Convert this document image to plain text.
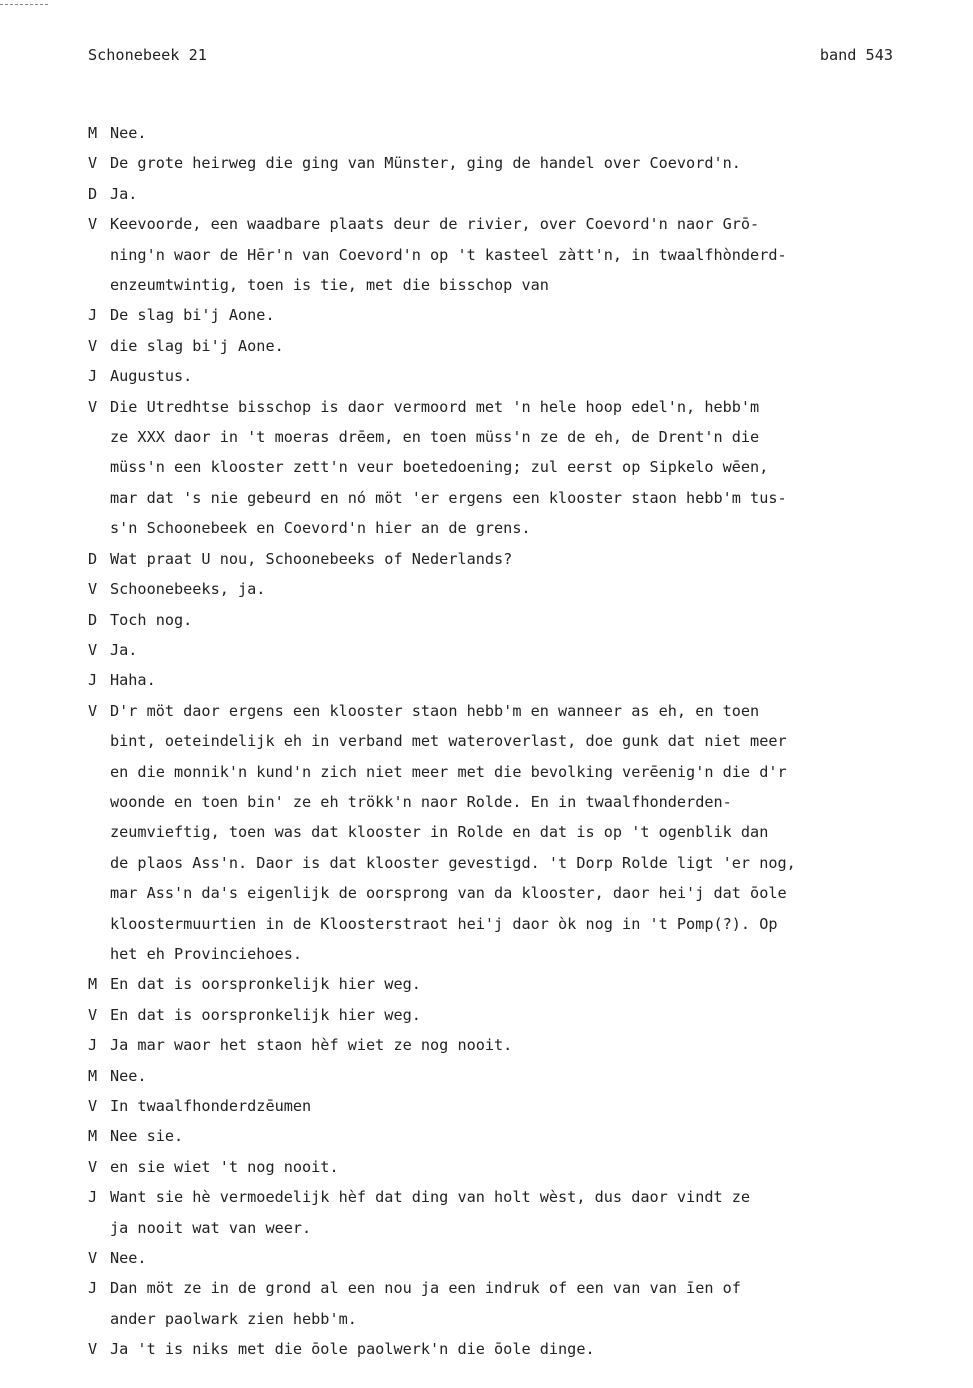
Schonebeek 21	band 543
M Nee.
V De grote heirweg die ging van Münster, ging de handel over Coevord'n.
D Ja.
V Keevoorde, een waadbare plaats deur de rivier, over Coevord'n naor Grō-
ning'n waor de Hēr'n van Coevord'n op 't kasteel zàtt'n, in twaalfhònderd-
enzeumtwintig, toen is tie, met die bisschop van
J De slag bi'j Aone.
V die slag bi'j Aone.
J Augustus.
V Die Utredhtse bisschop is daor vermoord met 'n hele hoop edel'n, hebb'm
ze XXX daor in 't moeras drēem, en toen müss'n ze de eh, de Drent'n die
müss'n een klooster zett'n veur boetedoening; zul eerst op Sipkelo wēen,
mar dat 's nie gebeurd en nó möt 'er ergens een klooster staon hebb'm tus-
s'n Schoonebeek en Coevord'n hier an de grens.
D Wat praat U nou, Schoonebeeks of Nederlands?
V Schoonebeeks, ja.
D Toch nog.
V Ja.
J Haha.
V D'r möt daor ergens een klooster staon hebb'm en wanneer as eh, en toen
bint, oeteindelijk eh in verband met wateroverlast, doe gunk dat niet meer
en die monnik'n kund'n zich niet meer met die bevolking verēenig'n die d'r
woonde en toen bin' ze eh trökk'n naor Rolde. En in twaalfhonderden-
zeumvieftig, toen was dat klooster in Rolde en dat is op 't ogenblik dan
de plaos Ass'n. Daor is dat klooster gevestigd. 't Dorp Rolde ligt 'er nog,
mar Ass'n da's eigenlijk de oorsprong van da klooster, daor hei'j dat ōole
kloostermuurtien in de Kloosterstraot hei'j daor òk nog in 't Pomp(?). Op
het eh Provinciehoes.
M En dat is oorspronkelijk hier weg.
V En dat is oorspronkelijk hier weg.
J Ja mar waor het staon hèf wiet ze nog nooit.
M Nee.
V In twaalfhonderdzēumen
M Nee sie.
V en sie wiet 't nog nooit.
J Want sie hè vermoedelijk hèf dat ding van holt wèst, dus daor vindt ze
ja nooit wat van weer.
V Nee.
J Dan möt ze in de grond al een nou ja een indruk of een van van īen of
ander paolwark zien hebb'm.
V Ja 't is niks met die ōole paolwerk'n die ōole dinge.
